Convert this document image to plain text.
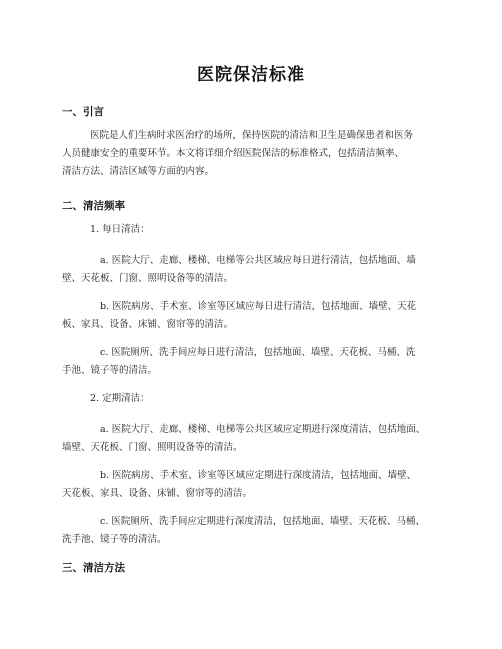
医院保洁标准
一、引言
医院是人们生病时求医治疗的场所，保持医院的清洁和卫生是确保患者和医务
人员健康安全的重要环节。本文将详细介绍医院保洁的标准格式，包括清洁频率、
清洁方法、清洁区域等方面的内容。
二、清洁频率
1. 每日清洁：
a. 医院大厅、走廊、楼梯、电梯等公共区域应每日进行清洁，包括地面、墙
壁、天花板、门窗、照明设备等的清洁。
b. 医院病房、手术室、诊室等区域应每日进行清洁，包括地面、墙壁、天花
板、家具、设备、床铺、窗帘等的清洁。
c. 医院厕所、洗手间应每日进行清洁，包括地面、墙壁、天花板、马桶、洗
手池、镜子等的清洁。
2. 定期清洁：
a. 医院大厅、走廊、楼梯、电梯等公共区域应定期进行深度清洁，包括地面、
墙壁、天花板、门窗、照明设备等的清洁。
b. 医院病房、手术室、诊室等区域应定期进行深度清洁，包括地面、墙壁、
天花板、家具、设备、床铺、窗帘等的清洁。
c. 医院厕所、洗手间应定期进行深度清洁，包括地面、墙壁、天花板、马桶、
洗手池、镜子等的清洁。
三、清洁方法
